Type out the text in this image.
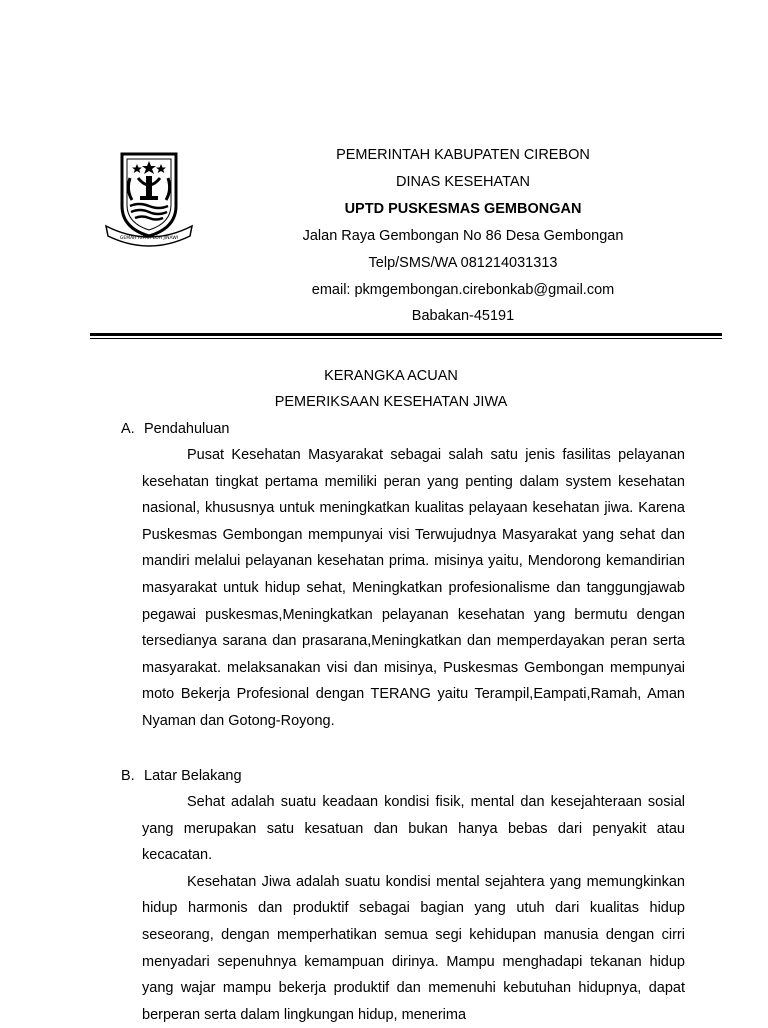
GEMAH RIPAH LOH JINAWI
PEMERINTAH KABUPATEN CIREBON
DINAS KESEHATAN
UPTD PUSKESMAS GEMBONGAN
Jalan Raya Gembongan No 86 Desa Gembongan
Telp/SMS/WA 081214031313
email: pkmgembongan.cirebonkab@gmail.com
Babakan-45191
KERANGKA ACUAN
PEMERIKSAAN KESEHATAN JIWA
A. Pendahuluan

Pusat Kesehatan Masyarakat sebagai salah satu jenis fasilitas pelayanan kesehatan tingkat pertama memiliki peran yang penting dalam system kesehatan nasional, khususnya untuk meningkatkan kualitas pelayaan kesehatan jiwa. Karena Puskesmas Gembongan mempunyai visi Terwujudnya Masyarakat yang sehat dan mandiri melalui pelayanan kesehatan prima. misinya yaitu, Mendorong kemandirian masyarakat untuk hidup sehat, Meningkatkan profesionalisme dan tanggungjawab pegawai puskesmas,Meningkatkan pelayanan kesehatan yang bermutu dengan tersedianya sarana dan prasarana,Meningkatkan dan memperdayakan peran serta masyarakat. melaksanakan visi dan misinya, Puskesmas Gembongan mempunyai moto Bekerja Profesional dengan TERANG yaitu Terampil,Eampati,Ramah, Aman Nyaman dan Gotong-Royong.

B. Latar Belakang

Sehat adalah suatu keadaan kondisi fisik, mental dan kesejahteraan sosial yang merupakan satu kesatuan dan bukan hanya bebas dari penyakit atau kecacatan.

Kesehatan Jiwa adalah suatu kondisi mental sejahtera yang memungkinkan hidup harmonis dan produktif sebagai bagian yang utuh dari kualitas hidup seseorang, dengan memperhatikan semua segi kehidupan manusia dengan cirri menyadari sepenuhnya kemampuan dirinya. Mampu menghadapi tekanan hidup yang wajar mampu bekerja produktif dan memenuhi kebutuhan hidupnya, dapat berperan serta dalam lingkungan hidup, menerima
